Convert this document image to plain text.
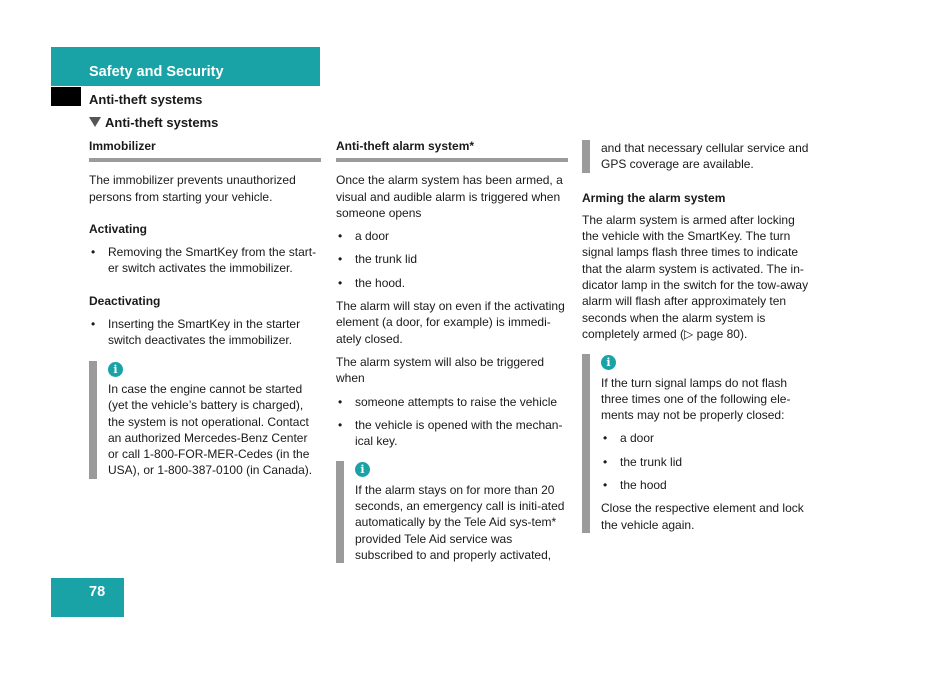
Safety and Security
Anti-theft systems
Anti-theft systems
Immobilizer

The immobilizer prevents unauthorized persons from starting your vehicle.

Activating
• Removing the SmartKey from the start-er switch activates the immobilizer.
Deactivating
• Inserting the SmartKey in the starter switch deactivates the immobilizer.
i

In case the engine cannot be started (yet the vehicle’s battery is charged), the system is not operational. Contact an authorized Mercedes-Benz Center or call 1-800-FOR-MER-Cedes (in the USA), or 1-800-387-0100 (in Canada).

Anti-theft alarm system*

Once the alarm system has been armed, a visual and audible alarm is triggered when someone opens

• a door
• the trunk lid
• the hood.

The alarm will stay on even if the activating element (a door, for example) is immedi-ately closed.

The alarm system will also be triggered when

• someone attempts to raise the vehicle
• the vehicle is opened with the mechan-ical key.
i

If the alarm stays on for more than 20 seconds, an emergency call is initi-ated automatically by the Tele Aid sys-tem* provided Tele Aid service was subscribed to and properly activated,

and that necessary cellular service and GPS coverage are available.

Arming the alarm system

The alarm system is armed after locking the vehicle with the SmartKey. The turn signal lamps flash three times to indicate that the alarm system is activated. The in-dicator lamp in the switch for the tow-away alarm will flash after approximately ten seconds when the alarm system is completely armed (▷ page 80).

i

If the turn signal lamps do not flash three times one of the following ele-ments may not be properly closed:

• a door
• the trunk lid
• the hood

Close the respective element and lock the vehicle again.

78
